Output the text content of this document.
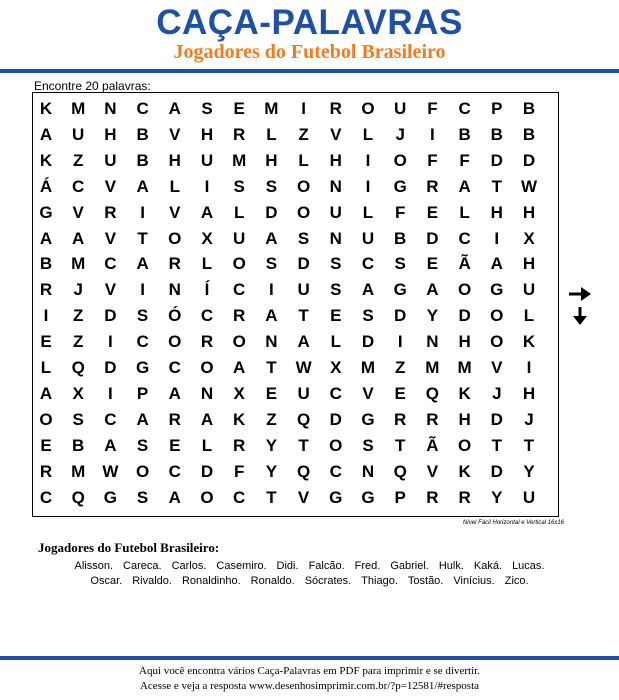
CAÇA-PALAVRAS
Jogadores do Futebol Brasileiro
Encontre 20 palavras:
K	M	N	C	A	S	E	M	I	R	O	U	F	C	P	B
A	U	H	B	V	H	R	L	Z	V	L	J	I	B	B	B
K	Z	U	B	H	U	M	H	L	H	I	O	F	F	D	D
Á	C	V	A	L	I	S	S	O	N	I	G	R	A	T	W
G	V	R	I	V	A	L	D	O	U	L	F	E	L	H	H
A	A	V	T	O	X	U	A	S	N	U	B	D	C	I	X
B	M	C	A	R	L	O	S	D	S	C	S	E	Ã	A	H
R	J	V	I	N	Í	C	I	U	S	A	G	A	O	G	U
I	Z	D	S	Ó	C	R	A	T	E	S	D	Y	D	O	L
E	Z	I	C	O	R	O	N	A	L	D	I	N	H	O	K
L	Q	D	G	C	O	A	T	W	X	M	Z	M	M	V	I
A	X	I	P	A	N	X	E	U	C	V	E	Q	K	J	H
O	S	C	A	R	A	K	Z	Q	D	G	R	R	H	D	J
E	B	A	S	E	L	R	Y	T	O	S	T	Ã	O	T	T
R	M	W	O	C	D	F	Y	Q	C	N	Q	V	K	D	Y
C	Q	G	S	A	O	C	T	V	G	G	P	R	R	Y	U
Nível Fácil Horizontal e Vertical 16x16
Jogadores do Futebol Brasileiro:
Alisson. Careca. Carlos. Casemiro. Didi. Falcão. Fred. Gabriel. Hulk. Kaká. Lucas.
Oscar. Rivaldo. Ronaldinho. Ronaldo. Sócrates. Thiago. Tostão. Vinícius. Zico.
Aqui você encontra vários Caça-Palavras em PDF para imprimir e se divertir.
Acesse e veja a resposta www.desenhosimprimir.com.br/?p=12581/#resposta
